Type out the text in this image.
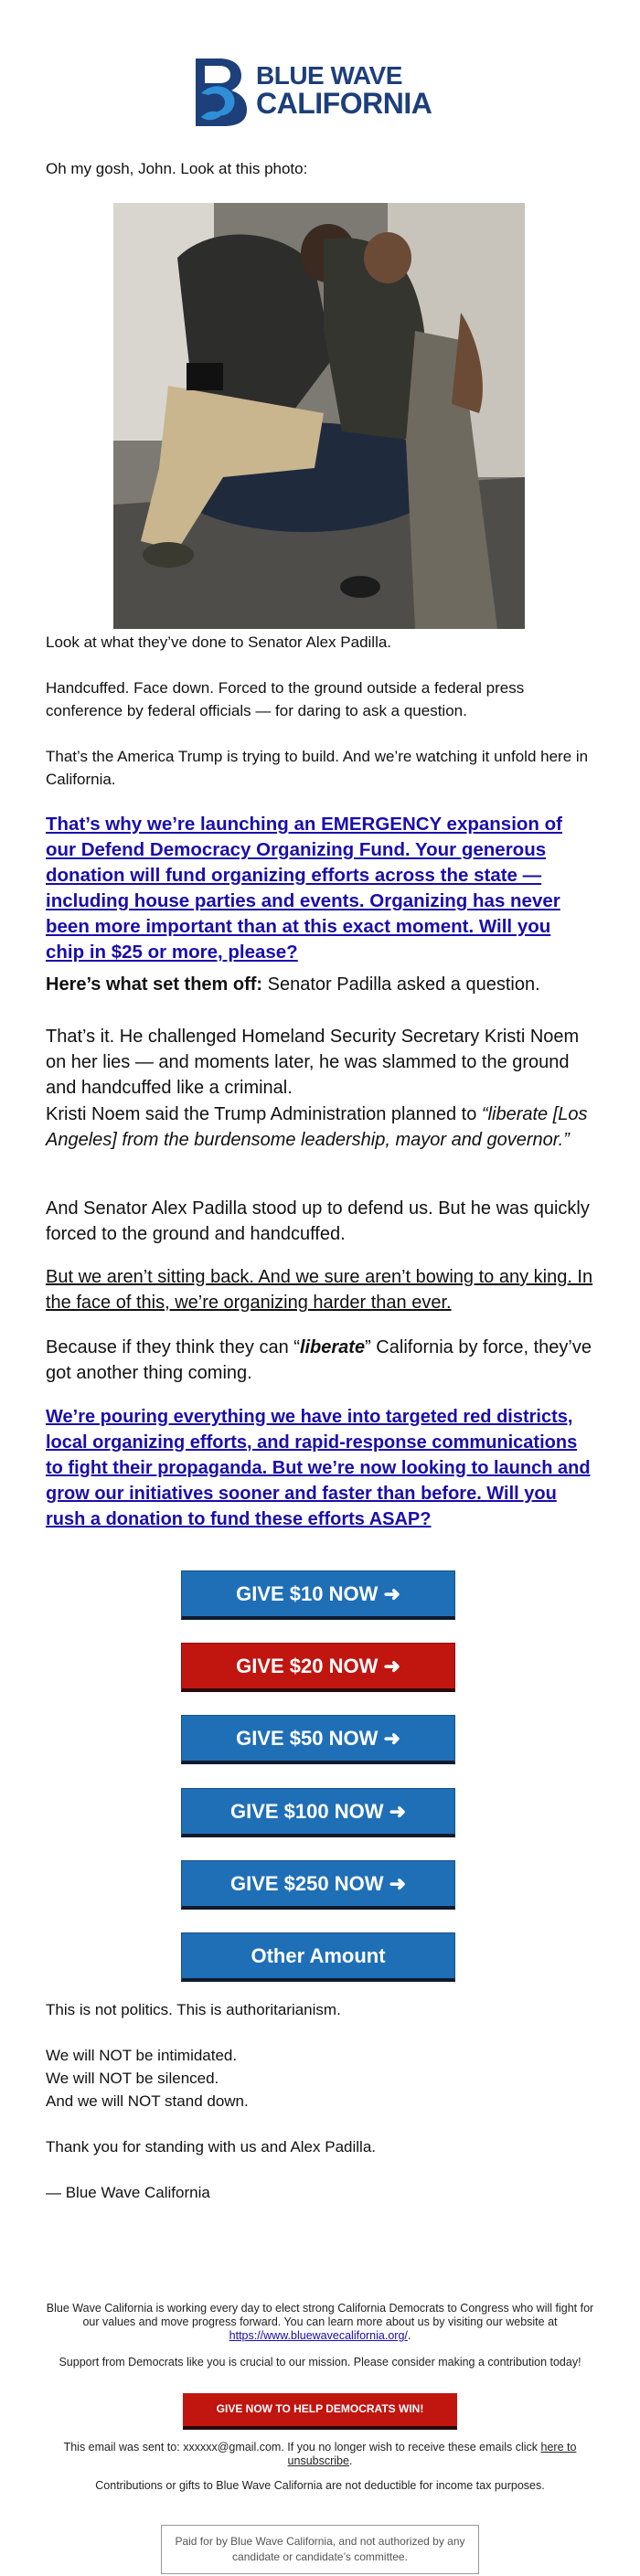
BLUE WAVE
CALIFORNIA

Oh my gosh, John. Look at this photo:

Look at what they’ve done to Senator Alex Padilla.

Handcuffed. Face down. Forced to the ground outside a federal press conference by federal officials — for daring to ask a question.

That’s the America Trump is trying to build. And we’re watching it unfold here in California.

That’s why we’re launching an EMERGENCY expansion of our Defend Democracy Organizing Fund. Your generous donation will fund organizing efforts across the state — including house parties and events. Organizing has never been more important than at this exact moment. Will you chip in $25 or more, please?

Here’s what set them off: Senator Padilla asked a question.

That’s it. He challenged Homeland Security Secretary Kristi Noem on her lies — and moments later, he was slammed to the ground and handcuffed like a criminal.

Kristi Noem said the Trump Administration planned to “liberate [Los Angeles] from the burdensome leadership, mayor and governor.”

And Senator Alex Padilla stood up to defend us. But he was quickly forced to the ground and handcuffed.

But we aren’t sitting back. And we sure aren’t bowing to any king. In the face of this, we’re organizing harder than ever.

Because if they think they can “liberate” California by force, they’ve got another thing coming.

We’re pouring everything we have into targeted red districts, local organizing efforts, and rapid-response communications to fight their propaganda. But we’re now looking to launch and grow our initiatives sooner and faster than before. Will you rush a donation to fund these efforts ASAP?

GIVE $10 NOW ➜
GIVE $20 NOW ➜
GIVE $50 NOW ➜
GIVE $100 NOW ➜
GIVE $250 NOW ➜
Other Amount

This is not politics. This is authoritarianism.

We will NOT be intimidated.
We will NOT be silenced.
And we will NOT stand down.

Thank you for standing with us and Alex Padilla.

— Blue Wave California

Blue Wave California is working every day to elect strong California Democrats to Congress who will fight for our values and move progress forward. You can learn more about us by visiting our website at https://www.bluewavecalifornia.org/.

Support from Democrats like you is crucial to our mission. Please consider making a contribution today!

GIVE NOW TO HELP DEMOCRATS WIN!

This email was sent to: xxxxxx@gmail.com. If you no longer wish to receive these emails click here to unsubscribe.

Contributions or gifts to Blue Wave California are not deductible for income tax purposes.

Paid for by Blue Wave California, and not authorized by any candidate or candidate’s committee.
